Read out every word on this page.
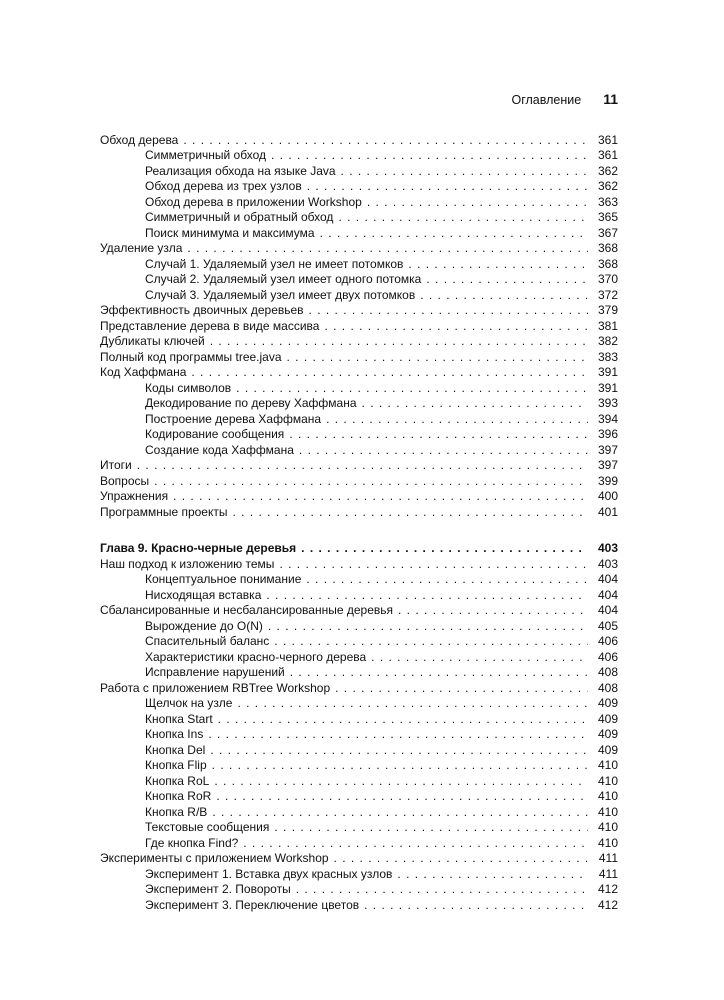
Оглавление 11
Обход дерева . . .	361
Симметричный обход . . .	361
Реализация обхода на языке Java . . .	362
Обход дерева из трех узлов . . .	362
Обход дерева в приложении Workshop . . .	363
Симметричный и обратный обход . . .	365
Поиск минимума и максимума . . .	367
Удаление узла . . .	368
Случай 1. Удаляемый узел не имеет потомков . . .	368
Случай 2. Удаляемый узел имеет одного потомка . . .	370
Случай 3. Удаляемый узел имеет двух потомков . . .	372
Эффективность двоичных деревьев . . .	379
Представление дерева в виде массива . . .	381
Дубликаты ключей . . .	382
Полный код программы tree.java . . .	383
Код Хаффмана . . .	391
Коды символов . . .	391
Декодирование по дереву Хаффмана . . .	393
Построение дерева Хаффмана . . .	394
Кодирование сообщения . . .	396
Создание кода Хаффмана . . .	397
Итоги . . .	397
Вопросы . . .	399
Упражнения . . .	400
Программные проекты . . .	401
Глава 9. Красно-черные деревья . . .	403
Наш подход к изложению темы . . .	403
Концептуальное понимание . . .	404
Нисходящая вставка . . .	404
Сбалансированные и несбалансированные деревья . . .	404
Вырождение до O(N) . . .	405
Спасительный баланс . . .	406
Характеристики красно-черного дерева . . .	406
Исправление нарушений . . .	408
Работа с приложением RBTree Workshop . . .	408
Щелчок на узле . . .	409
Кнопка Start . . .	409
Кнопка Ins . . .	409
Кнопка Del . . .	409
Кнопка Flip . . .	410
Кнопка RoL . . .	410
Кнопка RoR . . .	410
Кнопка R/B . . .	410
Текстовые сообщения . . .	410
Где кнопка Find? . . .	410
Эксперименты с приложением Workshop . . .	411
Эксперимент 1. Вставка двух красных узлов . . .	411
Эксперимент 2. Повороты . . .	412
Эксперимент 3. Переключение цветов . . .	412
